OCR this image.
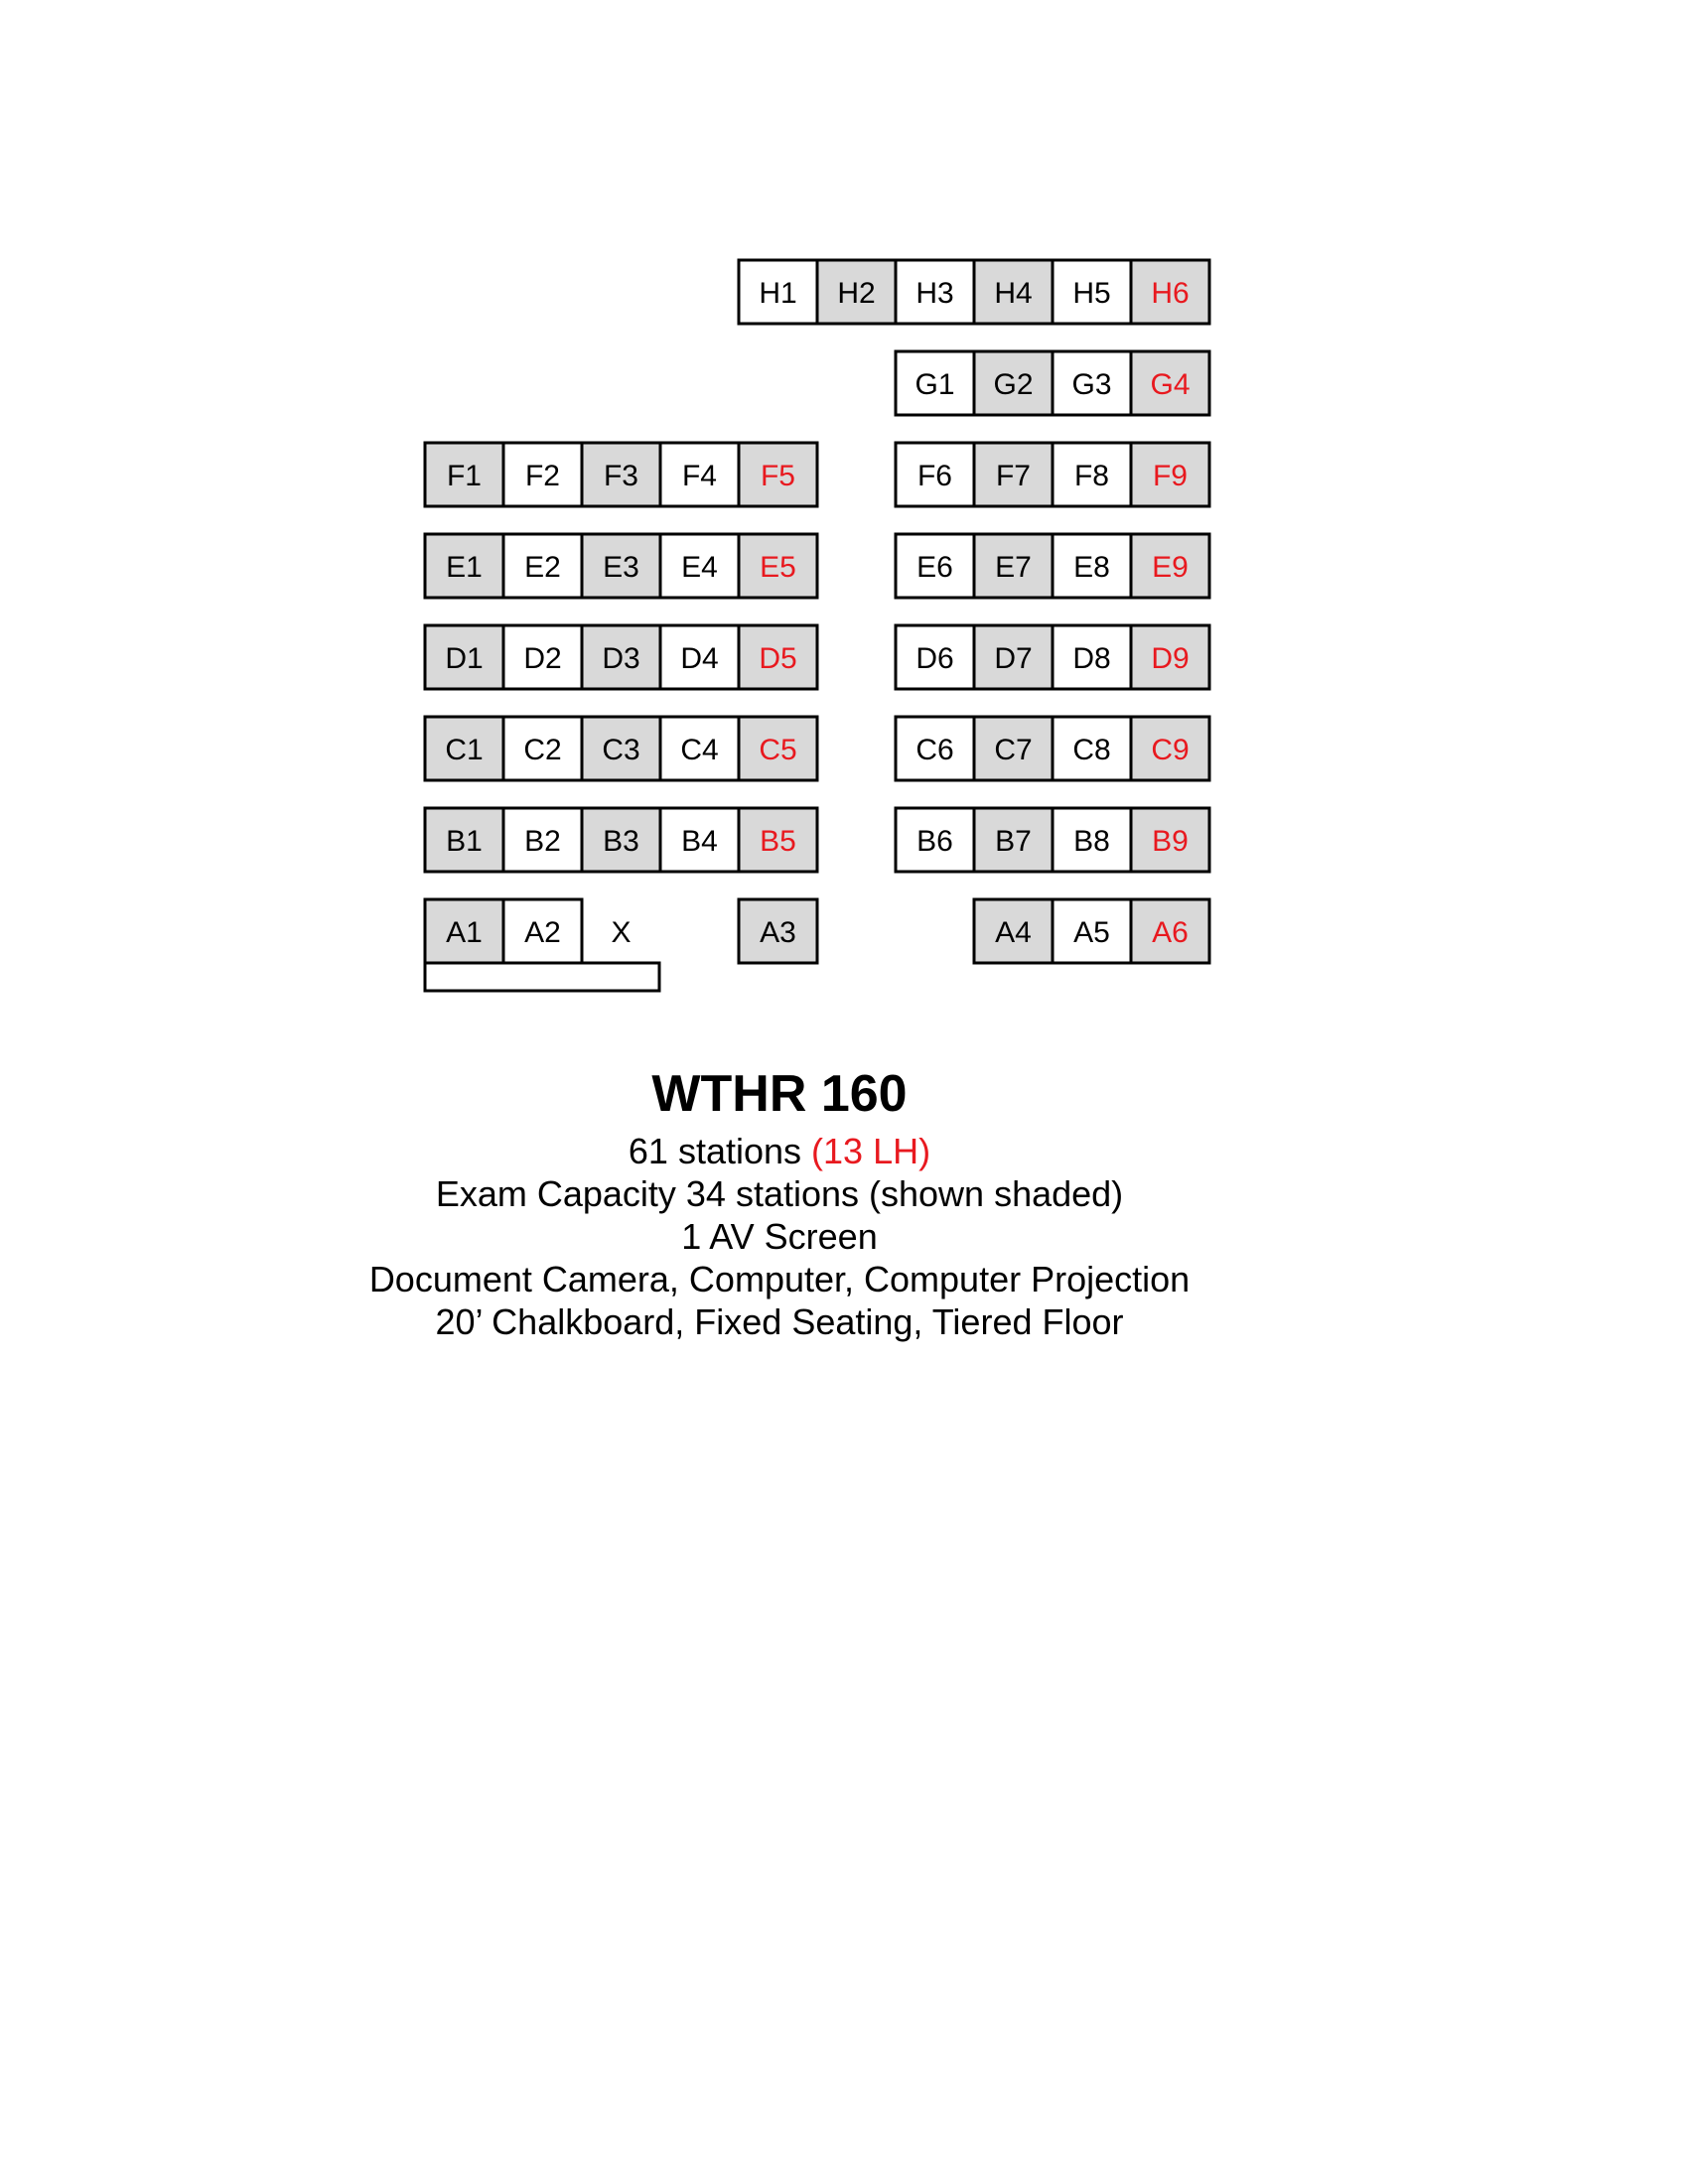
H1 H2 H3 H4 H5 H6
G1 G2 G3 G4
F1 F2 F3 F4 F5	F6 F7 F8 F9
E1 E2 E3 E4 E5	E6 E7 E8 E9
D1 D2 D3 D4 D5	D6 D7 D8 D9
C1 C2 C3 C4 C5	C6 C7 C8 C9
B1 B2 B3 B4 B5	B6 B7 B8 B9
A1 A2 X	A3	A4 A5 A6
WTHR 160
61 stations (13 LH)
Exam Capacity 34 stations (shown shaded)
1 AV Screen
Document Camera, Computer, Computer Projection
20’ Chalkboard, Fixed Seating, Tiered Floor
